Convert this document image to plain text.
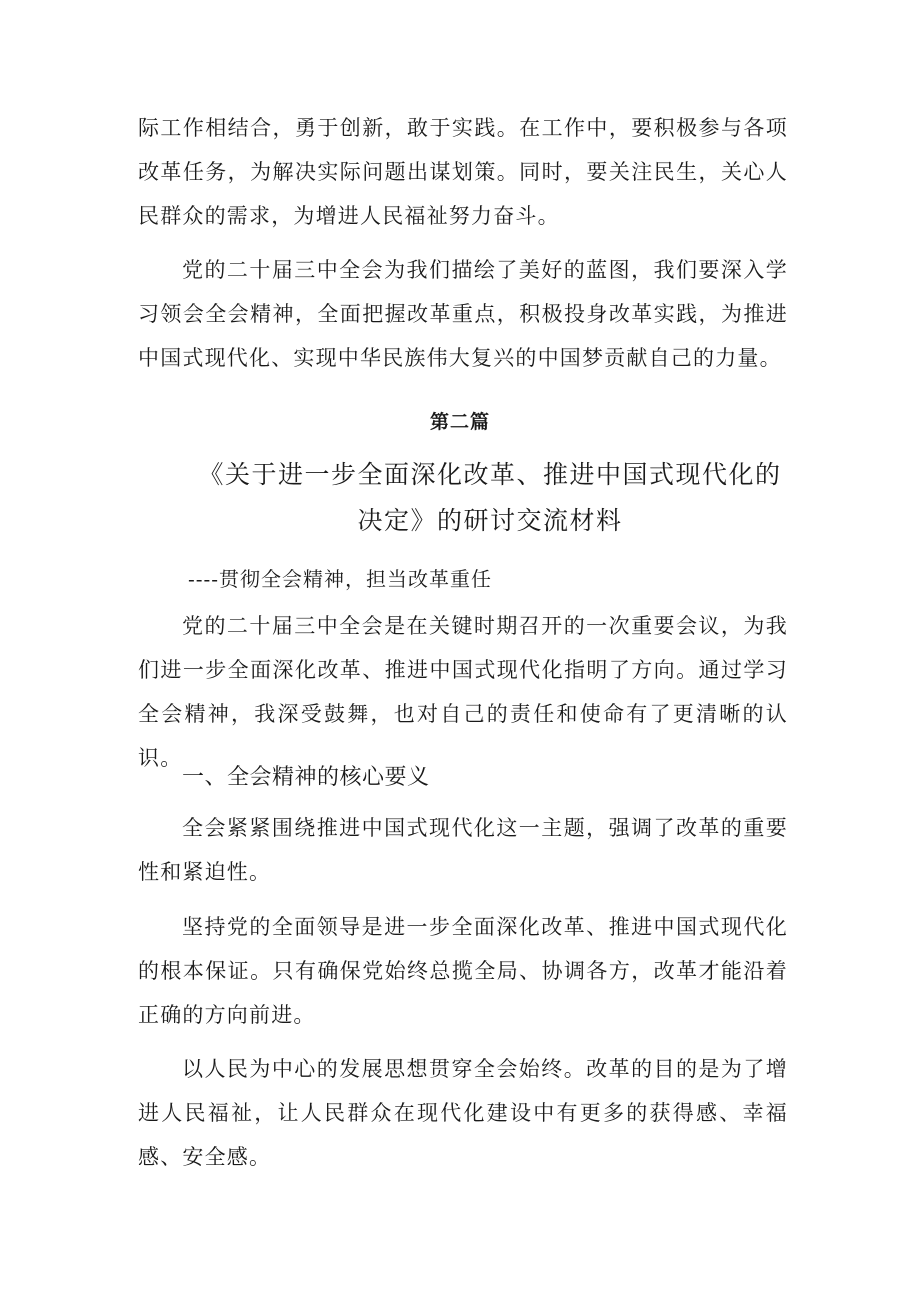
际工作相结合，勇于创新，敢于实践。在工作中，要积极参与各项改革任务，为解决实际问题出谋划策。同时，要关注民生，关心人民群众的需求，为增进人民福祉努力奋斗。

党的二十届三中全会为我们描绘了美好的蓝图，我们要深入学习领会全会精神，全面把握改革重点，积极投身改革实践，为推进中国式现代化、实现中华民族伟大复兴的中国梦贡献自己的力量。

第二篇

《关于进一步全面深化改革、推进中国式现代化的决定》的研讨交流材料

----贯彻全会精神，担当改革重任

党的二十届三中全会是在关键时期召开的一次重要会议，为我们进一步全面深化改革、推进中国式现代化指明了方向。通过学习全会精神，我深受鼓舞，也对自己的责任和使命有了更清晰的认识。

一、全会精神的核心要义

全会紧紧围绕推进中国式现代化这一主题，强调了改革的重要性和紧迫性。

坚持党的全面领导是进一步全面深化改革、推进中国式现代化的根本保证。只有确保党始终总揽全局、协调各方，改革才能沿着正确的方向前进。

以人民为中心的发展思想贯穿全会始终。改革的目的是为了增进人民福祉，让人民群众在现代化建设中有更多的获得感、幸福感、安全感。
